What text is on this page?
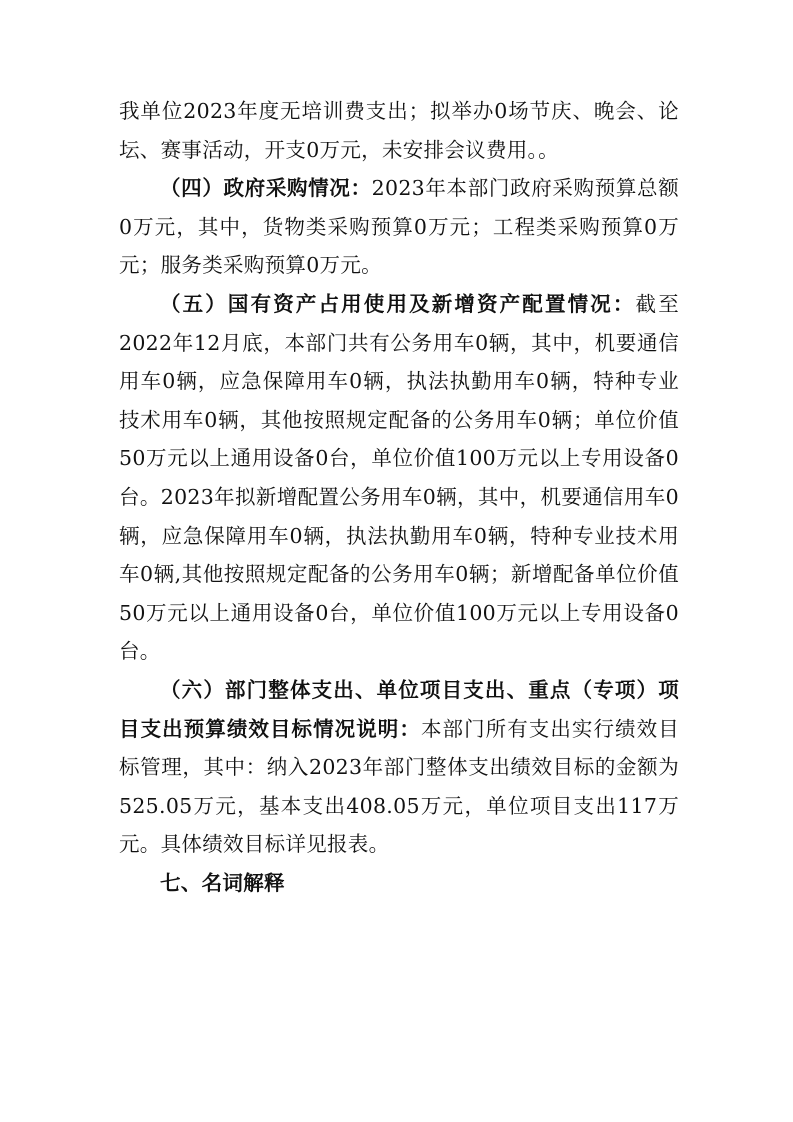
我单位2023年度无培训费支出；拟举办0场节庆、晚会、论坛、赛事活动，开支0万元，未安排会议费用。。

（四）政府采购情况：2023年本部门政府采购预算总额0万元，其中，货物类采购预算0万元；工程类采购预算0万元；服务类采购预算0万元。

（五）国有资产占用使用及新增资产配置情况：截至2022年12月底，本部门共有公务用车0辆，其中，机要通信用车0辆，应急保障用车0辆，执法执勤用车0辆，特种专业技术用车0辆，其他按照规定配备的公务用车0辆；单位价值50万元以上通用设备0台，单位价值100万元以上专用设备0台。2023年拟新增配置公务用车0辆，其中，机要通信用车0辆，应急保障用车0辆，执法执勤用车0辆，特种专业技术用车0辆,其他按照规定配备的公务用车0辆；新增配备单位价值50万元以上通用设备0台，单位价值100万元以上专用设备0台。

（六）部门整体支出、单位项目支出、重点（专项）项目支出预算绩效目标情况说明：本部门所有支出实行绩效目标管理，其中：纳入2023年部门整体支出绩效目标的金额为525.05万元，基本支出408.05万元，单位项目支出117万元。具体绩效目标详见报表。

七、名词解释
